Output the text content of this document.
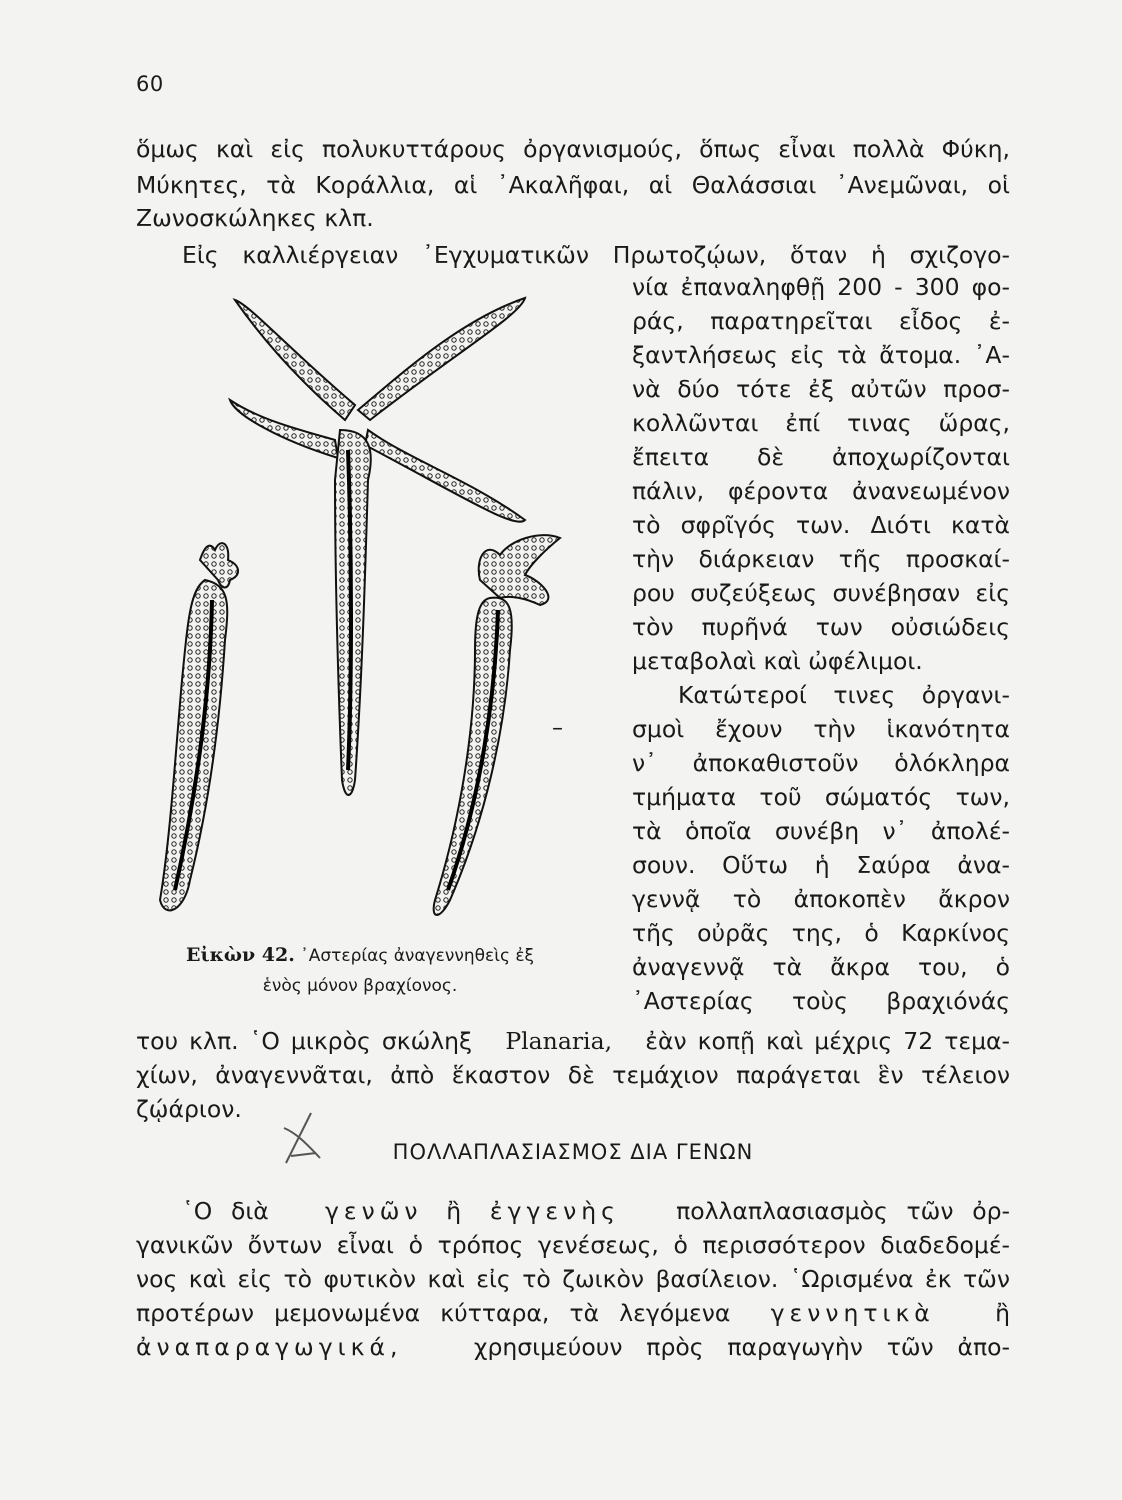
60
ὅμως καὶ εἰς πολυκυττάρους ὀργανισμούς, ὅπως εἶναι πολλὰ Φύκη,
Μύκητες, τὰ Κοράλλια, αἱ ᾿Ακαλῆφαι, αἱ Θαλάσσιαι ᾿Ανεμῶναι, οἱ
Ζωνοσκώληκες κλπ.
Εἰς καλλιέργειαν ᾿Εγχυματικῶν Πρωτοζῴων, ὅταν ἡ σχιζογο-
–
νία ἐπαναληφθῇ 200 - 300 φο-
ράς, παρατηρεῖται εἶδος ἐ-
ξαντλήσεως εἰς τὰ ἄτομα. ᾿Α-
νὰ δύο τότε ἐξ αὐτῶν προσ-
κολλῶνται ἐπί τινας ὥρας,
ἔπειτα δὲ ἀποχωρίζονται
πάλιν, φέροντα ἀνανεωμένον
τὸ σφρῖγός των. Διότι κατὰ
τὴν διάρκειαν τῆς προσκαί-
ρου συζεύξεως συνέβησαν εἰς
τὸν πυρῆνά των οὐσιώδεις
μεταβολαὶ καὶ ὠφέλιμοι.
Κατώτεροί τινες ὀργανι-
σμοὶ ἔχουν τὴν ἱκανότητα
ν᾿ ἀποκαθιστοῦν ὁλόκληρα
τμήματα τοῦ σώματός των,
τὰ ὁποῖα συνέβη ν᾿ ἀπολέ-
σουν. Οὕτω ἡ Σαύρα ἀνα-
γεννᾷ τὸ ἀποκοπὲν ἄκρον
τῆς οὐρᾶς της, ὁ Καρκίνος
ἀναγεννᾷ τὰ ἄκρα του, ὁ
᾿Αστερίας τοὺς βραχιόνάς
Εἰκὼν 42. ᾿Αστερίας ἀναγεννηθεὶς ἐξ
ἑνὸς μόνον βραχίονος.
του κλπ. ῾Ο μικρὸς σκώληξ Planaria, ἐὰν κοπῇ καὶ μέχρις 72 τεμα-
χίων, ἀναγεννᾶται, ἀπὸ ἕκαστον δὲ τεμάχιον παράγεται ἓν τέλειον
ζῴάριον.
ΠΟΛΛΑΠΛΑΣΙΑΣΜΟΣ ΔΙΑ ΓΕΝΩΝ
῾Ο διὰ γενῶν ἢ ἐγγενὴς πολλαπλασιασμὸς τῶν ὀρ-
γανικῶν ὄντων εἶναι ὁ τρόπος γενέσεως, ὁ περισσότερον διαδεδομέ-
νος καὶ εἰς τὸ φυτικὸν καὶ εἰς τὸ ζωικὸν βασίλειον. ῾Ωρισμένα ἐκ τῶν
προτέρων μεμονωμένα κύτταρα, τὰ λεγόμενα γεννητικὰ	ἢ
ἀναπαραγωγικά,	χρησιμεύουν πρὸς παραγωγὴν τῶν ἀπο-
